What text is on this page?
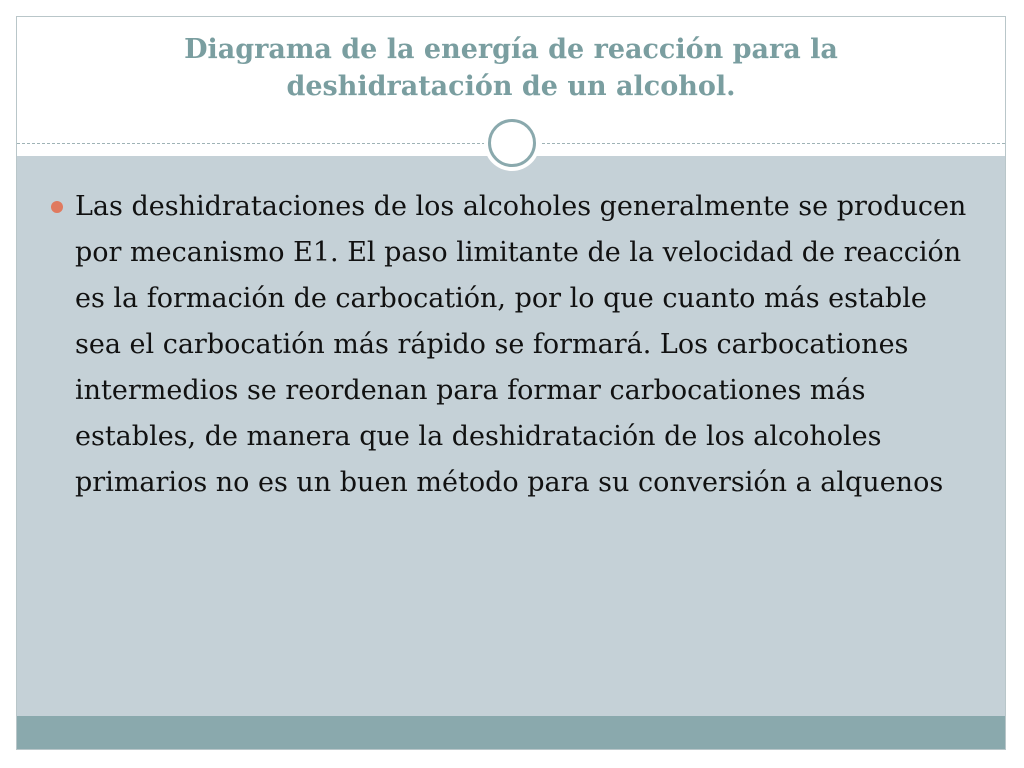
Diagrama de la energía de reacción para la
deshidratación de un alcohol.
Las deshidrataciones de los alcoholes generalmente se producen por mecanismo E1. El paso limitante de la velocidad de reacción es la formación de carbocatión, por lo que cuanto más estable sea el carbocatión más rápido se formará. Los carbocationes intermedios se reordenan para formar carbocationes más estables, de manera que la deshidratación de los alcoholes primarios no es un buen método para su conversión a alquenos
